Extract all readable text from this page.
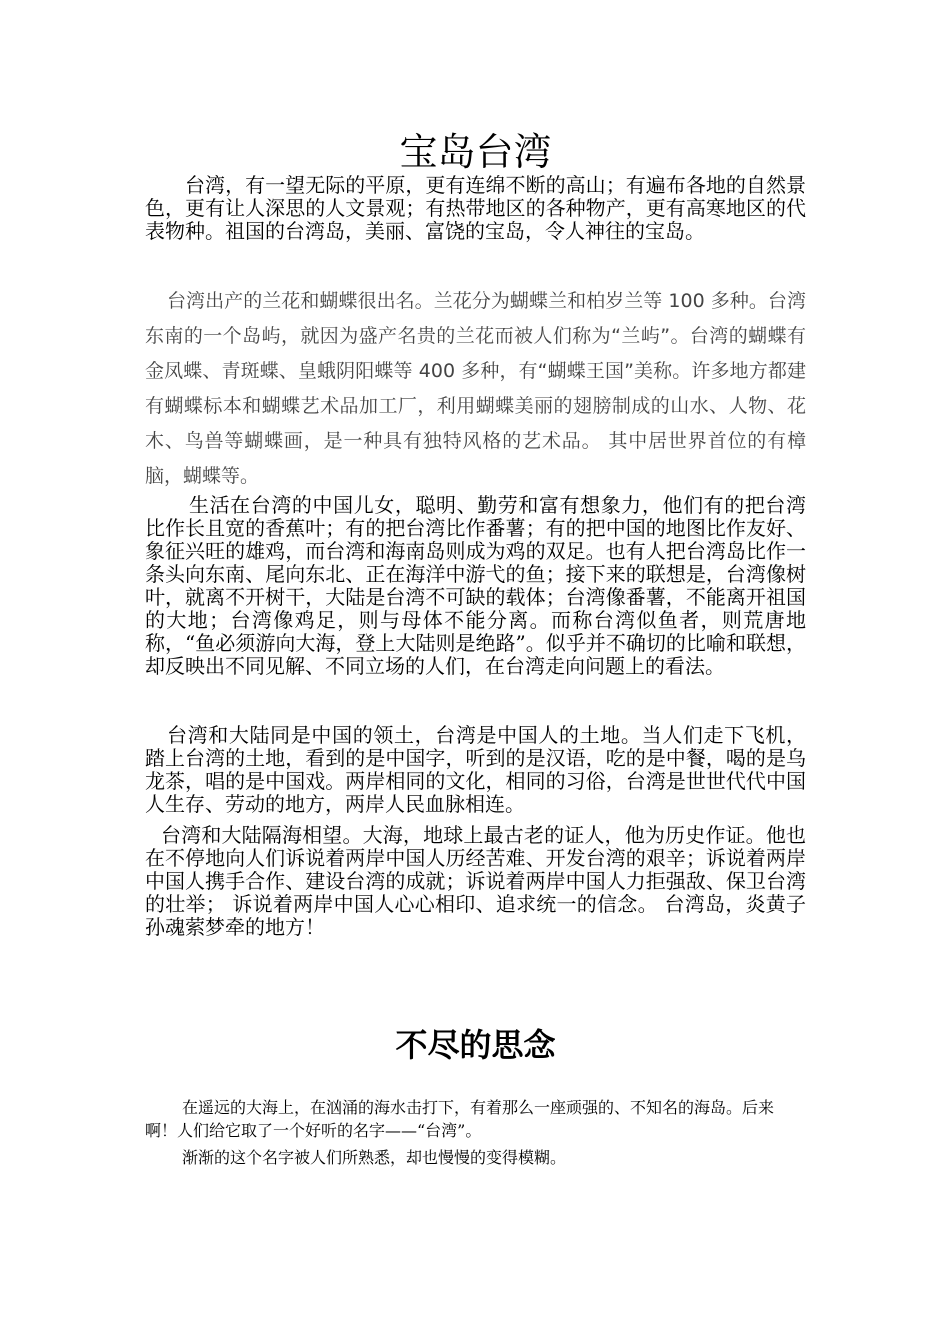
宝岛台湾

台湾，有一望无际的平原，更有连绵不断的高山；有遍布各地的自然景色，更有让人深思的人文景观；有热带地区的各种物产，更有高寒地区的代表物种。祖国的台湾岛，美丽、富饶的宝岛，令人神往的宝岛。

台湾出产的兰花和蝴蝶很出名。兰花分为蝴蝶兰和柏岁兰等 100 多种。台湾东南的一个岛屿，就因为盛产名贵的兰花而被人们称为“兰屿”。台湾的蝴蝶有金凤蝶、青斑蝶、皇蛾阴阳蝶等 400 多种，有“蝴蝶王国”美称。许多地方都建有蝴蝶标本和蝴蝶艺术品加工厂，利用蝴蝶美丽的翅膀制成的山水、人物、花木、鸟兽等蝴蝶画，是一种具有独特风格的艺术品。 其中居世界首位的有樟脑，蝴蝶等。

生活在台湾的中国儿女，聪明、勤劳和富有想象力，他们有的把台湾比作长且宽的香蕉叶；有的把台湾比作番薯；有的把中国的地图比作友好、象征兴旺的雄鸡，而台湾和海南岛则成为鸡的双足。也有人把台湾岛比作一条头向东南、尾向东北、正在海洋中游弋的鱼；接下来的联想是，台湾像树叶，就离不开树干，大陆是台湾不可缺的载体；台湾像番薯，不能离开祖国的大地；台湾像鸡足，则与母体不能分离。而称台湾似鱼者，则荒唐地称，“鱼必须游向大海，登上大陆则是绝路”。似乎并不确切的比喻和联想，却反映出不同见解、不同立场的人们，在台湾走向问题上的看法。

台湾和大陆同是中国的领土，台湾是中国人的土地。当人们走下飞机，踏上台湾的土地，看到的是中国字，听到的是汉语，吃的是中餐，喝的是乌龙茶，唱的是中国戏。两岸相同的文化，相同的习俗，台湾是世世代代中国人生存、劳动的地方，两岸人民血脉相连。

台湾和大陆隔海相望。大海，地球上最古老的证人，他为历史作证。他也在不停地向人们诉说着两岸中国人历经苦难、开发台湾的艰辛；诉说着两岸中国人携手合作、建设台湾的成就；诉说着两岸中国人力拒强敌、保卫台湾的壮举； 诉说着两岸中国人心心相印、追求统一的信念。 台湾岛，炎黄子孙魂萦梦牵的地方！

不尽的思念

在遥远的大海上，在汹涌的海水击打下，有着那么一座顽强的、不知名的海岛。后来啊！人们给它取了一个好听的名字——“台湾”。

渐渐的这个名字被人们所熟悉，却也慢慢的变得模糊。
